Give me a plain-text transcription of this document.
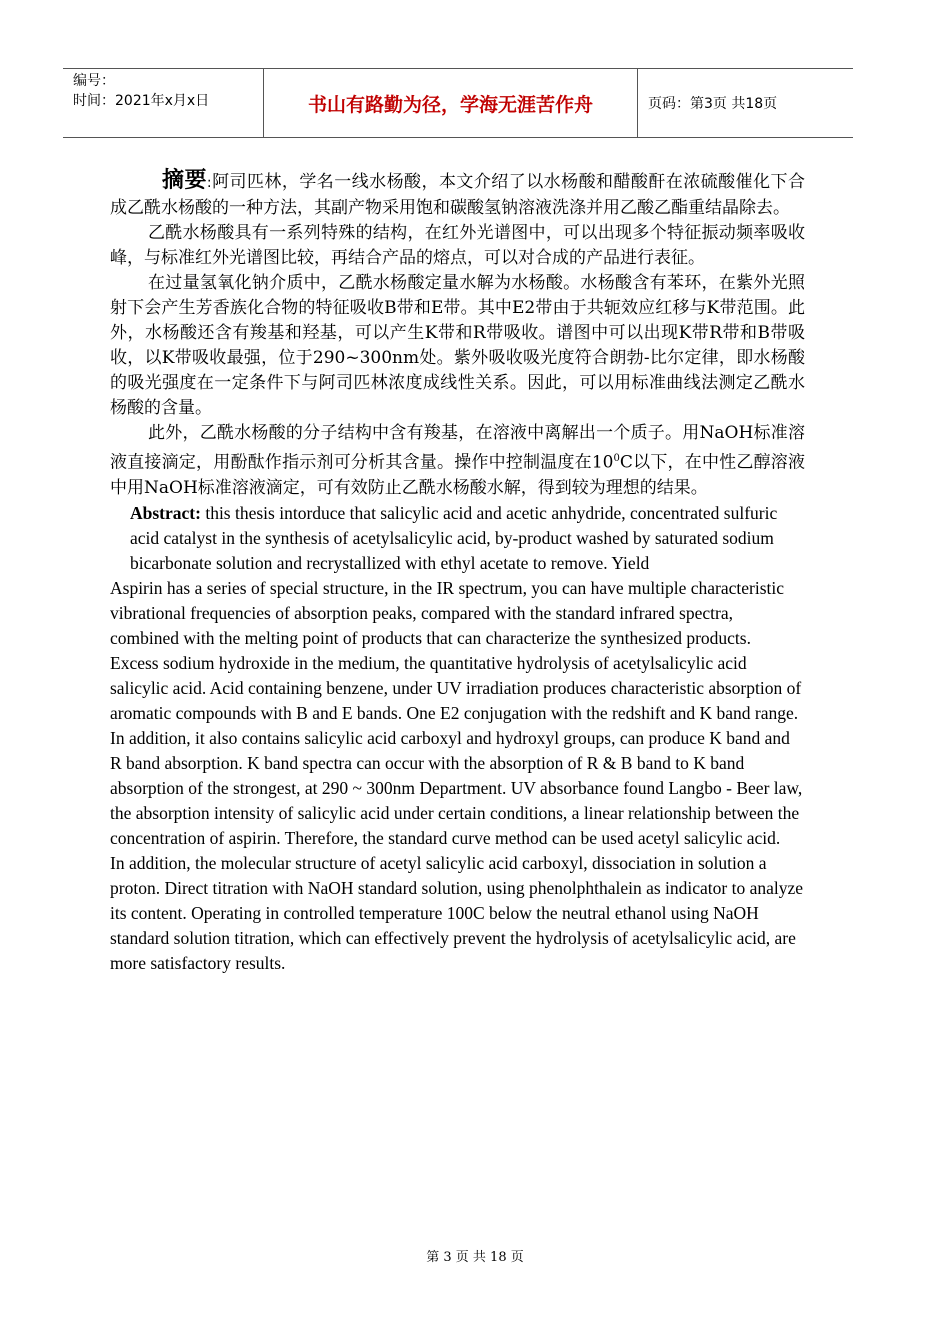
编号：
时间：2021年x月x日	书山有路勤为径，学海无涯苦作舟	页码：第3页 共18页

摘要:阿司匹林，学名一线水杨酸，本文介绍了以水杨酸和醋酸酐在浓硫酸催化下合成乙酰水杨酸的一种方法，其副产物采用饱和碳酸氢钠溶液洗涤并用乙酸乙酯重结晶除去。

乙酰水杨酸具有一系列特殊的结构，在红外光谱图中，可以出现多个特征振动频率吸收峰，与标准红外光谱图比较，再结合产品的熔点，可以对合成的产品进行表征。

在过量氢氧化钠介质中，乙酰水杨酸定量水解为水杨酸。水杨酸含有苯环，在紫外光照射下会产生芳香族化合物的特征吸收B带和E带。其中E2带由于共轭效应红移与K带范围。此外，水杨酸还含有羧基和羟基，可以产生K带和R带吸收。谱图中可以出现K带R带和B带吸收，以K带吸收最强，位于290~300nm处。紫外吸收吸光度符合朗勃-比尔定律，即水杨酸的吸光强度在一定条件下与阿司匹林浓度成线性关系。因此，可以用标准曲线法测定乙酰水杨酸的含量。

此外，乙酰水杨酸的分子结构中含有羧基，在溶液中离解出一个质子。用NaOH标准溶液直接滴定，用酚酞作指示剂可分析其含量。操作中控制温度在$10^0C$以下，在中性乙醇溶液中用NaOH标准溶液滴定，可有效防止乙酰水杨酸水解，得到较为理想的结果。

Abstract: this thesis intorduce that salicylic acid and acetic anhydride, concentrated sulfuric acid catalyst in the synthesis of acetylsalicylic acid, by-product washed by saturated sodium bicarbonate solution and recrystallized with ethyl acetate to remove. Yield

Aspirin has a series of special structure, in the IR spectrum, you can have multiple characteristic vibrational frequencies of absorption peaks, compared with the standard infrared spectra, combined with the melting point of products that can characterize the synthesized products.

Excess sodium hydroxide in the medium, the quantitative hydrolysis of acetylsalicylic acid salicylic acid. Acid containing benzene, under UV irradiation produces characteristic absorption of aromatic compounds with B and E bands. One E2 conjugation with the redshift and K band range. In addition, it also contains salicylic acid carboxyl and hydroxyl groups, can produce K band and R band absorption. K band spectra can occur with the absorption of R & B band to K band absorption of the strongest, at 290 ~ 300nm Department. UV absorbance found Langbo - Beer law, the absorption intensity of salicylic acid under certain conditions, a linear relationship between the concentration of aspirin. Therefore, the standard curve method can be used acetyl salicylic acid.

In addition, the molecular structure of acetyl salicylic acid carboxyl, dissociation in solution a proton. Direct titration with NaOH standard solution, using phenolphthalein as indicator to analyze its content. Operating in controlled temperature 100C below the neutral ethanol using NaOH standard solution titration, which can effectively prevent the hydrolysis of acetylsalicylic acid, are more satisfactory results.

第 3 页 共 18 页
